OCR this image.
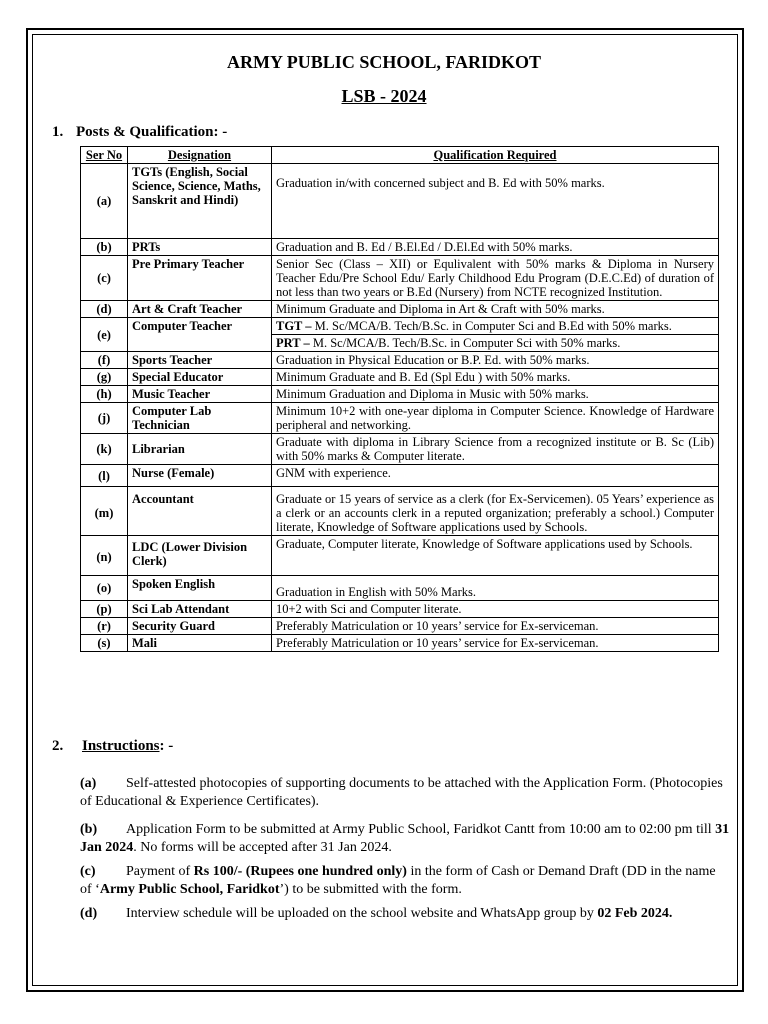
ARMY PUBLIC SCHOOL, FARIDKOT
LSB - 2024
1. Posts & Qualification: -
Ser No	Designation	Qualification Required
(a)	TGTs (English, Social Science, Science, Maths, Sanskrit and Hindi)	Graduation in/with concerned subject and B. Ed with 50% marks.
(b)	PRTs	Graduation and B. Ed / B.El.Ed / D.El.Ed with 50% marks.
(c)	Pre Primary Teacher	Senior Sec (Class – XII) or Equlivalent with 50% marks & Diploma in Nursery Teacher Edu/Pre School Edu/ Early Childhood Edu Program (D.E.C.Ed) of duration of not less than two years or B.Ed (Nursery) from NCTE recognized Institution.
(d)	Art & Craft Teacher	Minimum Graduate and Diploma in Art & Craft with 50% marks.
(e)	Computer Teacher	TGT – M. Sc/MCA/B. Tech/B.Sc. in Computer Sci and B.Ed with 50% marks.
		PRT – M. Sc/MCA/B. Tech/B.Sc. in Computer Sci with 50% marks.
(f)	Sports Teacher	Graduation in Physical Education or B.P. Ed. with 50% marks.
(g)	Special Educator	Minimum Graduate and B. Ed (Spl Edu ) with 50% marks.
(h)	Music Teacher	Minimum Graduation and Diploma in Music with 50% marks.
(j)	Computer Lab Technician	Minimum 10+2 with one-year diploma in Computer Science. Knowledge of Hardware peripheral and networking.
(k)	Librarian	Graduate with diploma in Library Science from a recognized institute or B. Sc (Lib) with 50% marks & Computer literate.
(l)	Nurse (Female)	GNM with experience.
(m)	Accountant	Graduate or 15 years of service as a clerk (for Ex-Servicemen). 05 Years’ experience as a clerk or an accounts clerk in a reputed organization; preferably a school.) Computer literate, Knowledge of Software applications used by Schools.
(n)	LDC (Lower Division Clerk)	Graduate, Computer literate, Knowledge of Software applications used by Schools.
(o)	Spoken English	Graduation in English with 50% Marks.
(p)	Sci Lab Attendant	10+2 with Sci and Computer literate.
(r)	Security Guard	Preferably Matriculation or 10 years’ service for Ex-serviceman.
(s)	Mali	Preferably Matriculation or 10 years’ service for Ex-serviceman.
2. Instructions: -
(a) Self-attested photocopies of supporting documents to be attached with the Application Form. (Photocopies of Educational & Experience Certificates).
(b) Application Form to be submitted at Army Public School, Faridkot Cantt from 10:00 am to 02:00 pm till 31 Jan 2024. No forms will be accepted after 31 Jan 2024.
(c) Payment of Rs 100/- (Rupees one hundred only) in the form of Cash or Demand Draft (DD in the name of ‘Army Public School, Faridkot’) to be submitted with the form.
(d) Interview schedule will be uploaded on the school website and WhatsApp group by 02 Feb 2024.
